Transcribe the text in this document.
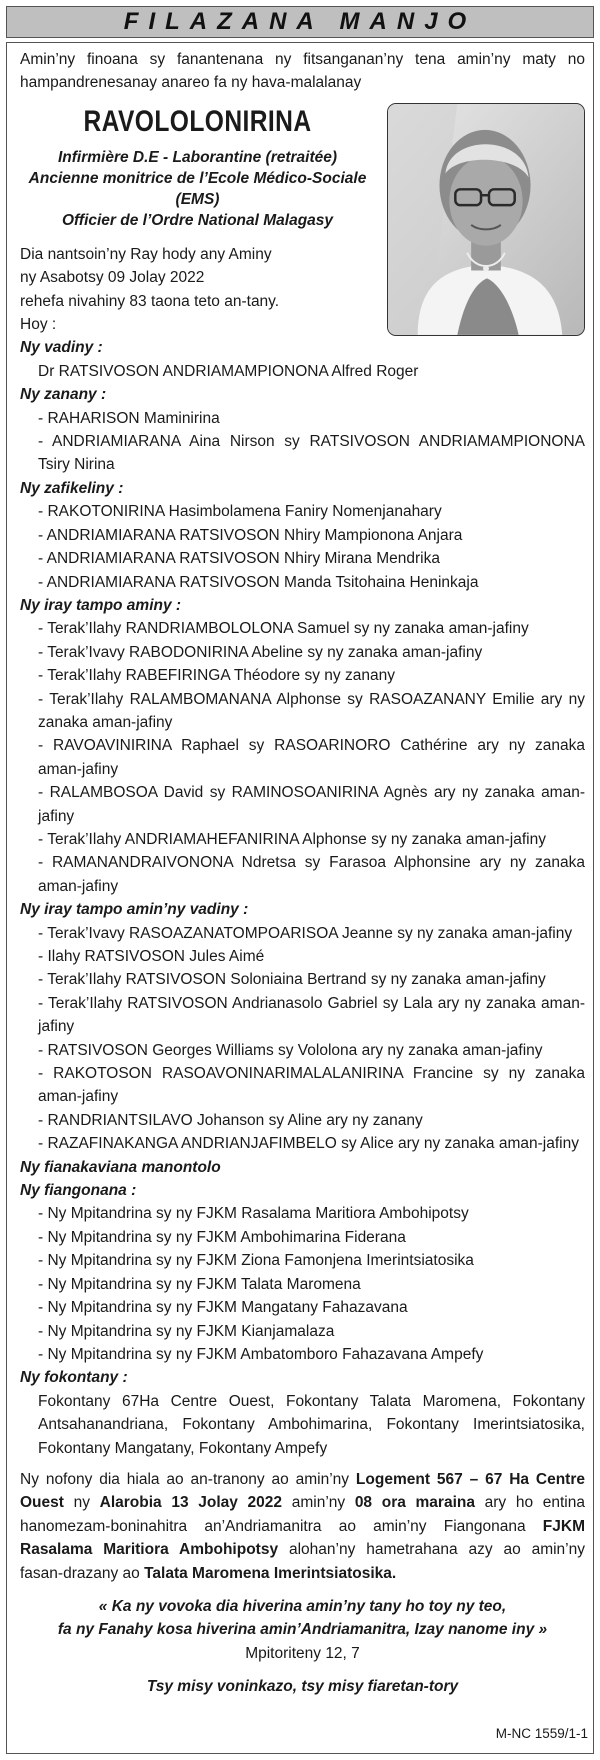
FILAZANA MANJO

Amin’ny finoana sy fanantenana ny fitsanganan’ny tena amin’ny maty no hampandrenesanay anareo fa ny hava-malalanay

RAVOLOLONIRINA
Infirmière D.E - Laborantine (retraitée)
Ancienne monitrice de l’Ecole Médico-Sociale
(EMS)
Officier de l’Ordre National Malagasy
Dia nantsoin’ny Ray hody any Aminy
ny Asabotsy 09 Jolay 2022
rehefa nivahiny 83 taona teto an-tany.
Hoy :
Ny vadiny :
Dr RATSIVOSON ANDRIAMAMPIONONA Alfred Roger
Ny zanany :
- RAHARISON Maminirina
- ANDRIAMIARANA Aina Nirson sy RATSIVOSON ANDRIAMAMPIONONA Tsiry Nirina
Ny zafikeliny :
- RAKOTONIRINA Hasimbolamena Faniry Nomenjanahary
- ANDRIAMIARANA RATSIVOSON Nhiry Mampionona Anjara
- ANDRIAMIARANA RATSIVOSON Nhiry Mirana Mendrika
- ANDRIAMIARANA RATSIVOSON Manda Tsitohaina Heninkaja
Ny iray tampo aminy :
- Terak’Ilahy RANDRIAMBOLOLONA Samuel sy ny zanaka aman-jafiny
- Terak’Ivavy RABODONIRINA Abeline sy ny zanaka aman-jafiny
- Terak’Ilahy RABEFIRINGA Théodore sy ny zanany
- Terak’Ilahy RALAMBOMANANA Alphonse sy RASOAZANANY Emilie ary ny zanaka aman-jafiny
- RAVOAVINIRINA Raphael sy RASOARINORO Cathérine ary ny zanaka aman-jafiny
- RALAMBOSOA David sy RAMINOSOANIRINA Agnès ary ny zanaka aman-jafiny
- Terak’Ilahy ANDRIAMAHEFANIRINA Alphonse sy ny zanaka aman-jafiny
- RAMANANDRAIVONONA Ndretsa sy Farasoa Alphonsine ary ny zanaka aman-jafiny
Ny iray tampo amin’ny vadiny :
- Terak’Ivavy RASOAZANATOMPOARISOA Jeanne sy ny zanaka aman-jafiny
- Ilahy RATSIVOSON Jules Aimé
- Terak’Ilahy RATSIVOSON Soloniaina Bertrand sy ny zanaka aman-jafiny
- Terak’Ilahy RATSIVOSON Andrianasolo Gabriel sy Lala ary ny zanaka aman-jafiny
- RATSIVOSON Georges Williams sy Vololona ary ny zanaka aman-jafiny
- RAKOTOSON RASOAVONINARIMALALANIRINA Francine sy ny zanaka aman-jafiny
- RANDRIANTSILAVO Johanson sy Aline ary ny zanany
- RAZAFINAKANGA ANDRIANJAFIMBELO sy Alice ary ny zanaka aman-jafiny
Ny fianakaviana manontolo
Ny fiangonana :
- Ny Mpitandrina sy ny FJKM Rasalama Maritiora Ambohipotsy
- Ny Mpitandrina sy ny FJKM Ambohimarina Fiderana
- Ny Mpitandrina sy ny FJKM Ziona Famonjena Imerintsiatosika
- Ny Mpitandrina sy ny FJKM Talata Maromena
- Ny Mpitandrina sy ny FJKM Mangatany Fahazavana
- Ny Mpitandrina sy ny FJKM Kianjamalaza
- Ny Mpitandrina sy ny FJKM Ambatomboro Fahazavana Ampefy
Ny fokontany :
Fokontany 67Ha Centre Ouest, Fokontany Talata Maromena, Fokontany Antsahanandriana, Fokontany Ambohimarina, Fokontany Imerintsiatosika, Fokontany Mangatany, Fokontany Ampefy
Ny nofony dia hiala ao an-tranony ao amin’ny Logement 567 – 67 Ha Centre Ouest ny Alarobia 13 Jolay 2022 amin’ny 08 ora maraina ary ho entina hanomezam-boninahitra an’Andriamanitra ao amin’ny Fiangonana FJKM Rasalama Maritiora Ambohipotsy alohan’ny hametrahana azy ao amin’ny fasan-drazany ao Talata Maromena Imerintsiatosika.
« Ka ny vovoka dia hiverina amin’ny tany ho toy ny teo,
fa ny Fanahy kosa hiverina amin’Andriamanitra, Izay nanome iny »
Mpitoriteny 12, 7
Tsy misy voninkazo, tsy misy fiaretan-tory
M-NC 1559/1-1
